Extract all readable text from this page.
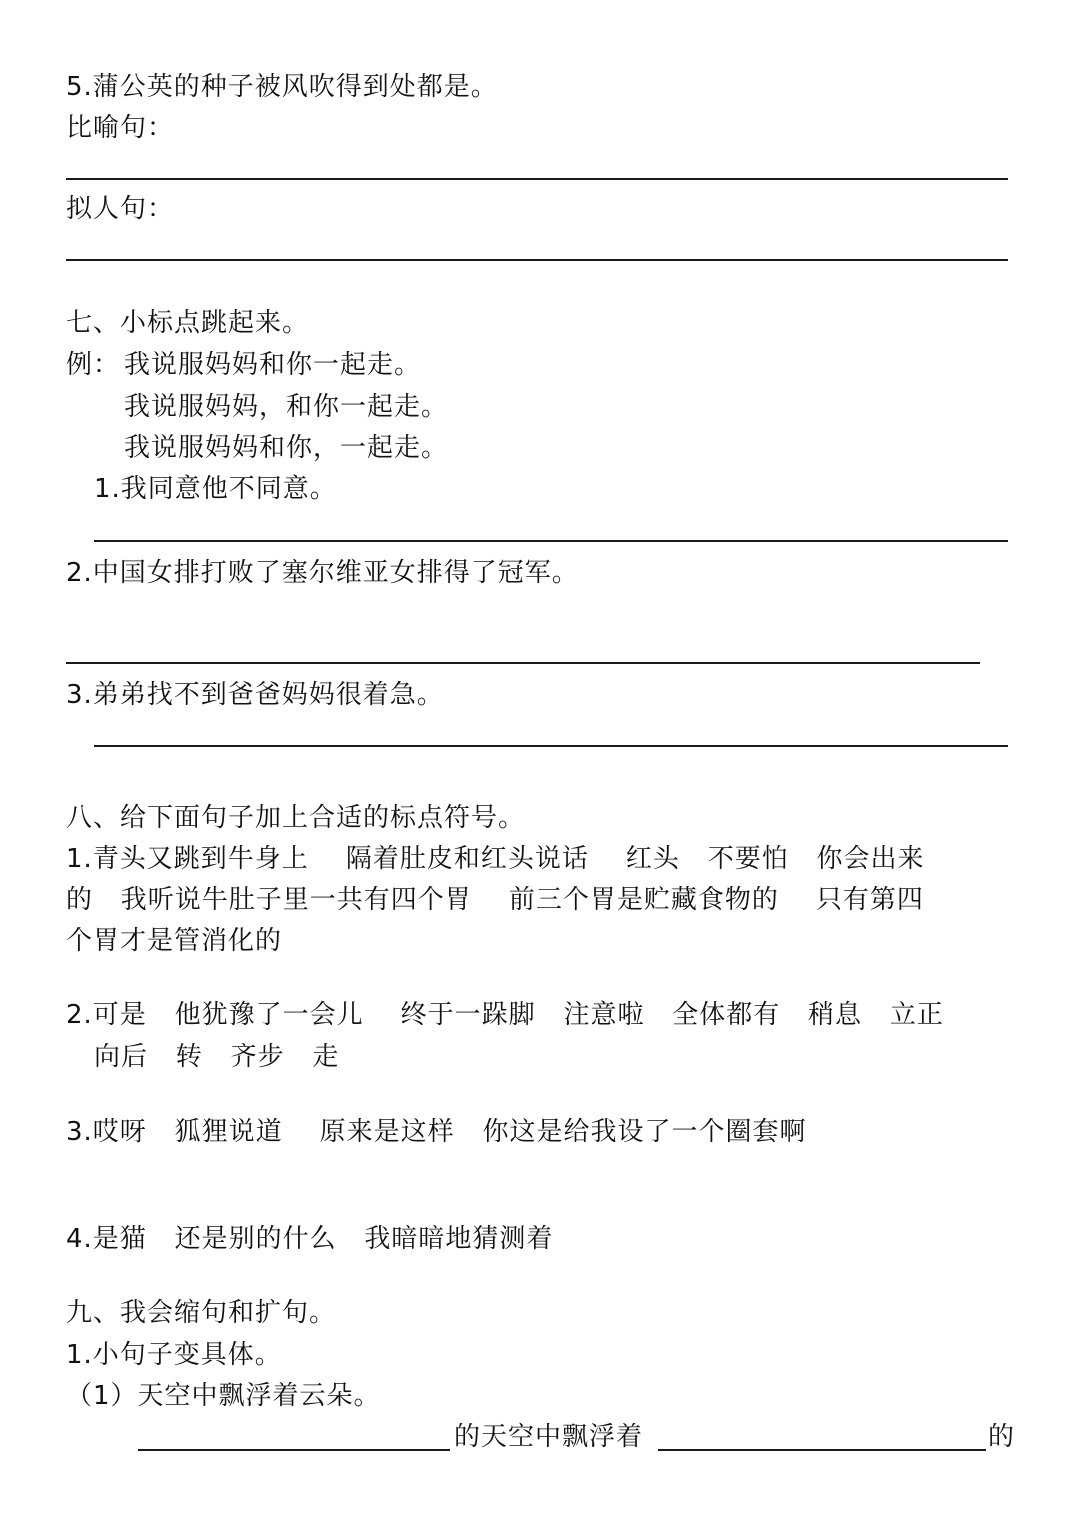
5.蒲公英的种子被风吹得到处都是。
比喻句：
拟人句：
七、小标点跳起来。
例： 我说服妈妈和你一起走。
我说服妈妈，和你一起走。
我说服妈妈和你，一起走。
1.我同意他不同意。
2.中国女排打败了塞尔维亚女排得了冠军。
3.弟弟找不到爸爸妈妈很着急。
八、给下面句子加上合适的标点符号。
1.青头又跳到牛身上    隔着肚皮和红头说话    红头   不要怕   你会出来
的   我听说牛肚子里一共有四个胃    前三个胃是贮藏食物的    只有第四
个胃才是管消化的
2.可是   他犹豫了一会儿    终于一跺脚   注意啦   全体都有   稍息   立正
向后   转   齐步   走
3.哎呀   狐狸说道    原来是这样   你这是给我设了一个圈套啊
4.是猫   还是别的什么   我暗暗地猜测着
九、我会缩句和扩句。
1.小句子变具体。
（1）天空中飘浮着云朵。
的天空中飘浮着	的
